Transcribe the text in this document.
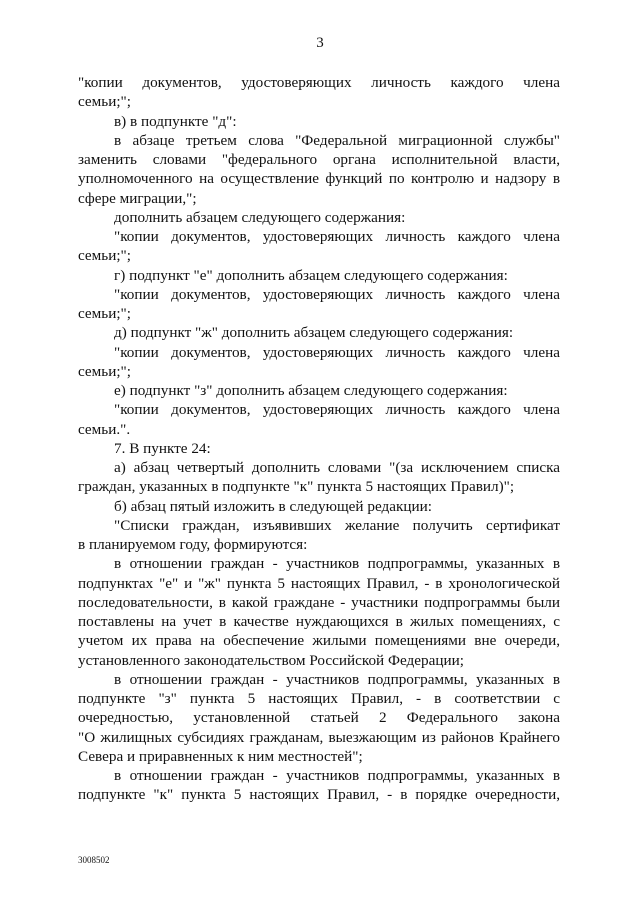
3
"копии документов, удостоверяющих личность каждого члена
семьи;";
в) в подпункте "д":
в абзаце третьем слова "Федеральной миграционной службы"
заменить словами "федерального органа исполнительной власти,
уполномоченного на осуществление функций по контролю и надзору в
сфере миграции,";
дополнить абзацем следующего содержания:
"копии документов, удостоверяющих личность каждого члена
семьи;";
г) подпункт "е" дополнить абзацем следующего содержания:
"копии документов, удостоверяющих личность каждого члена
семьи;";
д) подпункт "ж" дополнить абзацем следующего содержания:
"копии документов, удостоверяющих личность каждого члена
семьи;";
е) подпункт "з" дополнить абзацем следующего содержания:
"копии документов, удостоверяющих личность каждого члена
семьи.".
7. В пункте 24:
а) абзац четвертый дополнить словами "(за исключением списка
граждан, указанных в подпункте "к" пункта 5 настоящих Правил)";
б) абзац пятый изложить в следующей редакции:
"Списки граждан, изъявивших желание получить сертификат
в планируемом году, формируются:
в отношении граждан - участников подпрограммы, указанных в
подпунктах "е" и "ж" пункта 5 настоящих Правил, - в хронологической
последовательности, в какой граждане - участники подпрограммы были
поставлены на учет в качестве нуждающихся в жилых помещениях, с
учетом их права на обеспечение жилыми помещениями вне очереди,
установленного законодательством Российской Федерации;
в отношении граждан - участников подпрограммы, указанных в
подпункте "з" пункта 5 настоящих Правил, - в соответствии с
очередностью, установленной статьей 2 Федерального закона
"О жилищных субсидиях гражданам, выезжающим из районов Крайнего
Севера и приравненных к ним местностей";
в отношении граждан - участников подпрограммы, указанных в
подпункте "к" пункта 5 настоящих Правил, - в порядке очередности,
3008502
